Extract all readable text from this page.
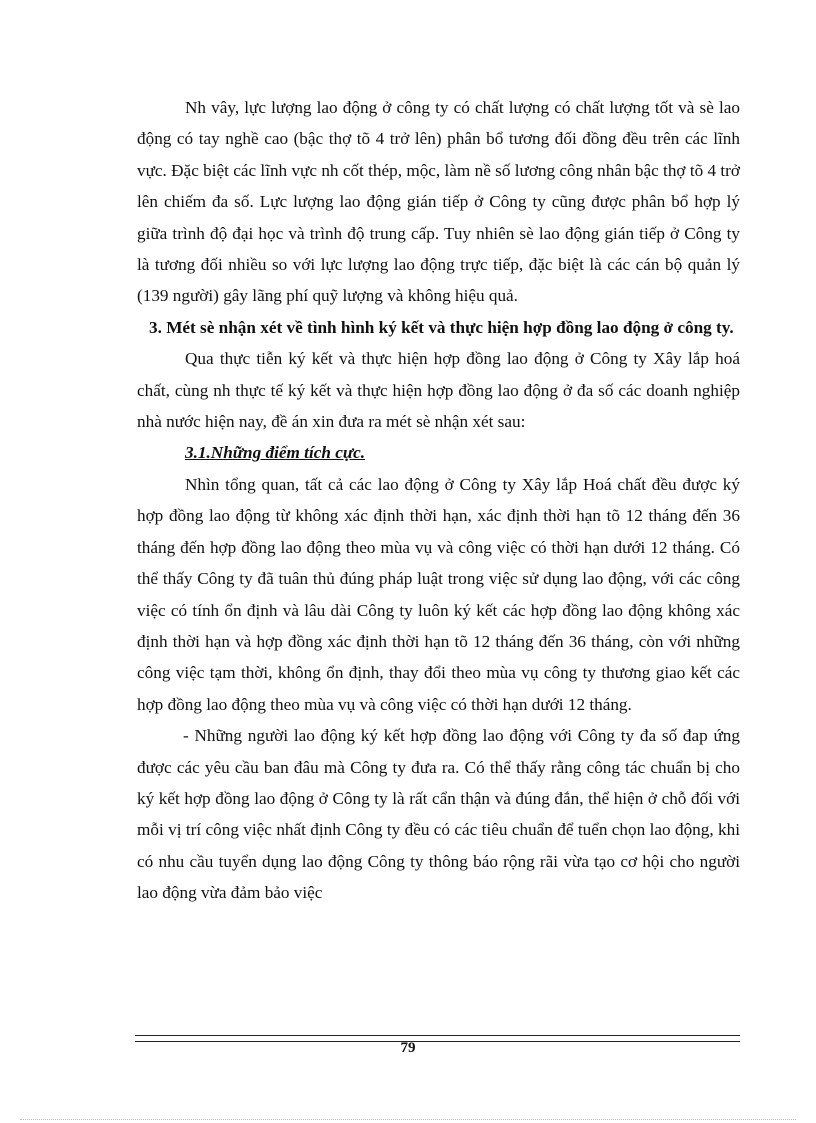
Nh vây, lực lượng lao động ở công ty có chất lượng có chất lượng tốt và sè lao động có tay nghề cao (bậc thợ tõ 4 trở lên) phân bổ tương đối đồng đều trên các lĩnh vực. Đặc biệt các lĩnh vực nh cốt thép, mộc, làm nề số lương công nhân bậc thợ tõ 4 trở lên chiếm đa số. Lực lượng lao động gián tiếp ở Công ty cũng được phân bổ hợp lý giữa trình độ đại học và trình độ trung cấp. Tuy nhiên sè lao động gián tiếp ở Công ty là tương đối nhiều so với lực lượng lao động trực tiếp, đặc biệt là các cán bộ quản lý (139 người) gây lãng phí quỹ lượng và không hiệu quả.

3. Mét sè nhận xét về tình hình ký kết và thực hiện hợp đồng lao động ở công ty.

Qua thực tiễn ký kết và thực hiện hợp đồng lao động ở Công ty Xây lắp hoá chất, cùng nh thực tế ký kết và thực hiện hợp đồng lao động ở đa số các doanh nghiệp nhà nước hiện nay, đề án xin đưa ra mét sè nhận xét sau:

3.1.Những điểm tích cực.

Nhìn tổng quan, tất cả các lao động ở Công ty Xây lắp Hoá chất đều được ký hợp đồng lao động từ không xác định thời hạn, xác định thời hạn tõ 12 tháng đến 36 tháng đến hợp đồng lao động theo mùa vụ và công việc có thời hạn dưới 12 tháng. Có thể thấy Công ty đã tuân thủ đúng pháp luật trong việc sử dụng lao động, với các công việc có tính ổn định và lâu dài Công ty luôn ký kết các hợp đồng lao động không xác định thời hạn và hợp đồng xác định thời hạn tõ 12 tháng đến 36 tháng, còn với những công việc tạm thời, không ổn định, thay đổi theo mùa vụ công ty thương giao kết các hợp đồng lao động theo mùa vụ và công việc có thời hạn dưới 12 tháng.

- Những người lao động ký kết hợp đồng lao động với Công ty đa số đap ứng được các yêu cầu ban đâu mà Công ty đưa ra. Có thể thấy rằng công tác chuẩn bị cho ký kết hợp đồng lao động ở Công ty là rất cẩn thận và đúng đắn, thể hiện ở chỗ đối với mỗi vị trí công việc nhất định Công ty đều có các tiêu chuẩn để tuển chọn lao động, khi có nhu cầu tuyển dụng lao động Công ty thông báo rộng rãi vừa tạo cơ hội cho người lao động vừa đảm bảo việc

79
